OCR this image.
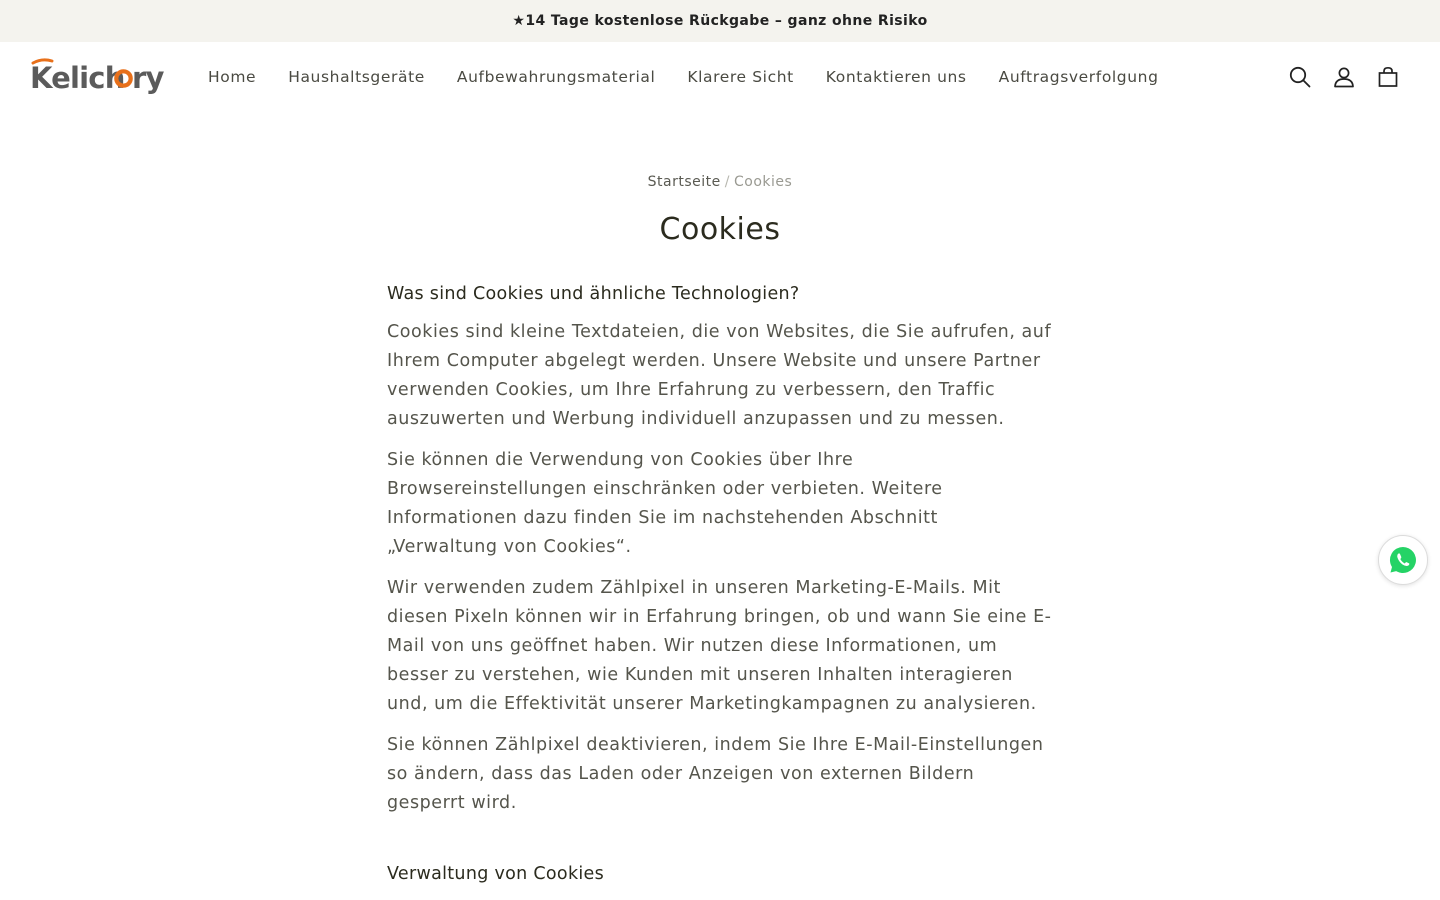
★14 Tage kostenlose Rückgabe – ganz ohne Risiko
Kelich ry	Home Haushaltsgeräte Aufbewahrungsmaterial Klarere Sicht Kontaktieren uns Auftragsverfolgung
Startseite / Cookies
Cookies
Was sind Cookies und ähnliche Technologien?

Cookies sind kleine Textdateien, die von Websites, die Sie aufrufen, auf Ihrem Computer abgelegt werden. Unsere Website und unsere Partner verwenden Cookies, um Ihre Erfahrung zu verbessern, den Traffic auszuwerten und Werbung individuell anzupassen und zu messen.

Sie können die Verwendung von Cookies über Ihre Browsereinstellungen einschränken oder verbieten. Weitere Informationen dazu finden Sie im nachstehenden Abschnitt „Verwaltung von Cookies“.

Wir verwenden zudem Zählpixel in unseren Marketing-E-Mails. Mit diesen Pixeln können wir in Erfahrung bringen, ob und wann Sie eine E-Mail von uns geöffnet haben. Wir nutzen diese Informationen, um besser zu verstehen, wie Kunden mit unseren Inhalten interagieren und, um die Effektivität unserer Marketingkampagnen zu analysieren.

Sie können Zählpixel deaktivieren, indem Sie Ihre E-Mail-Einstellungen so ändern, dass das Laden oder Anzeigen von externen Bildern gesperrt wird.

Verwaltung von Cookies
